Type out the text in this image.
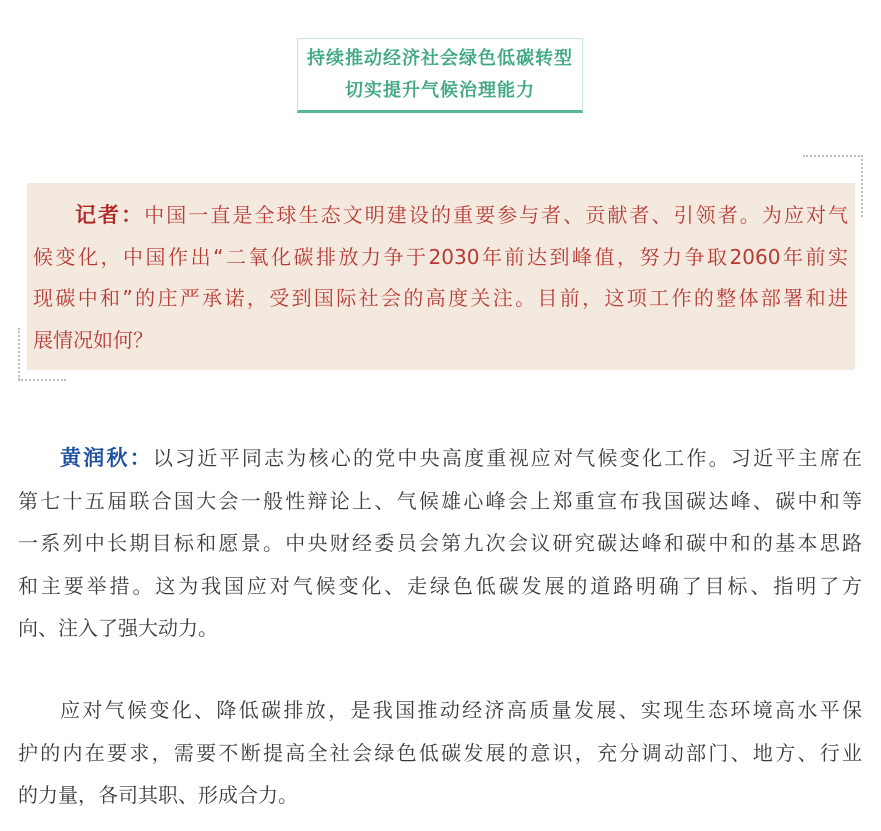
持续推动经济社会绿色低碳转型
切实提升气候治理能力
记者：中国一直是全球生态文明建设的重要参与者、贡献者、引领者。为应对气
候变化，中国作出“二氧化碳排放力争于2030年前达到峰值，努力争取2060年前实
现碳中和”的庄严承诺，受到国际社会的高度关注。目前，这项工作的整体部署和进
展情况如何？
黄润秋：以习近平同志为核心的党中央高度重视应对气候变化工作。习近平主席在
第七十五届联合国大会一般性辩论上、气候雄心峰会上郑重宣布我国碳达峰、碳中和等
一系列中长期目标和愿景。中央财经委员会第九次会议研究碳达峰和碳中和的基本思路
和主要举措。这为我国应对气候变化、走绿色低碳发展的道路明确了目标、指明了方
向、注入了强大动力。
应对气候变化、降低碳排放，是我国推动经济高质量发展、实现生态环境高水平保
护的内在要求，需要不断提高全社会绿色低碳发展的意识，充分调动部门、地方、行业
的力量，各司其职、形成合力。
